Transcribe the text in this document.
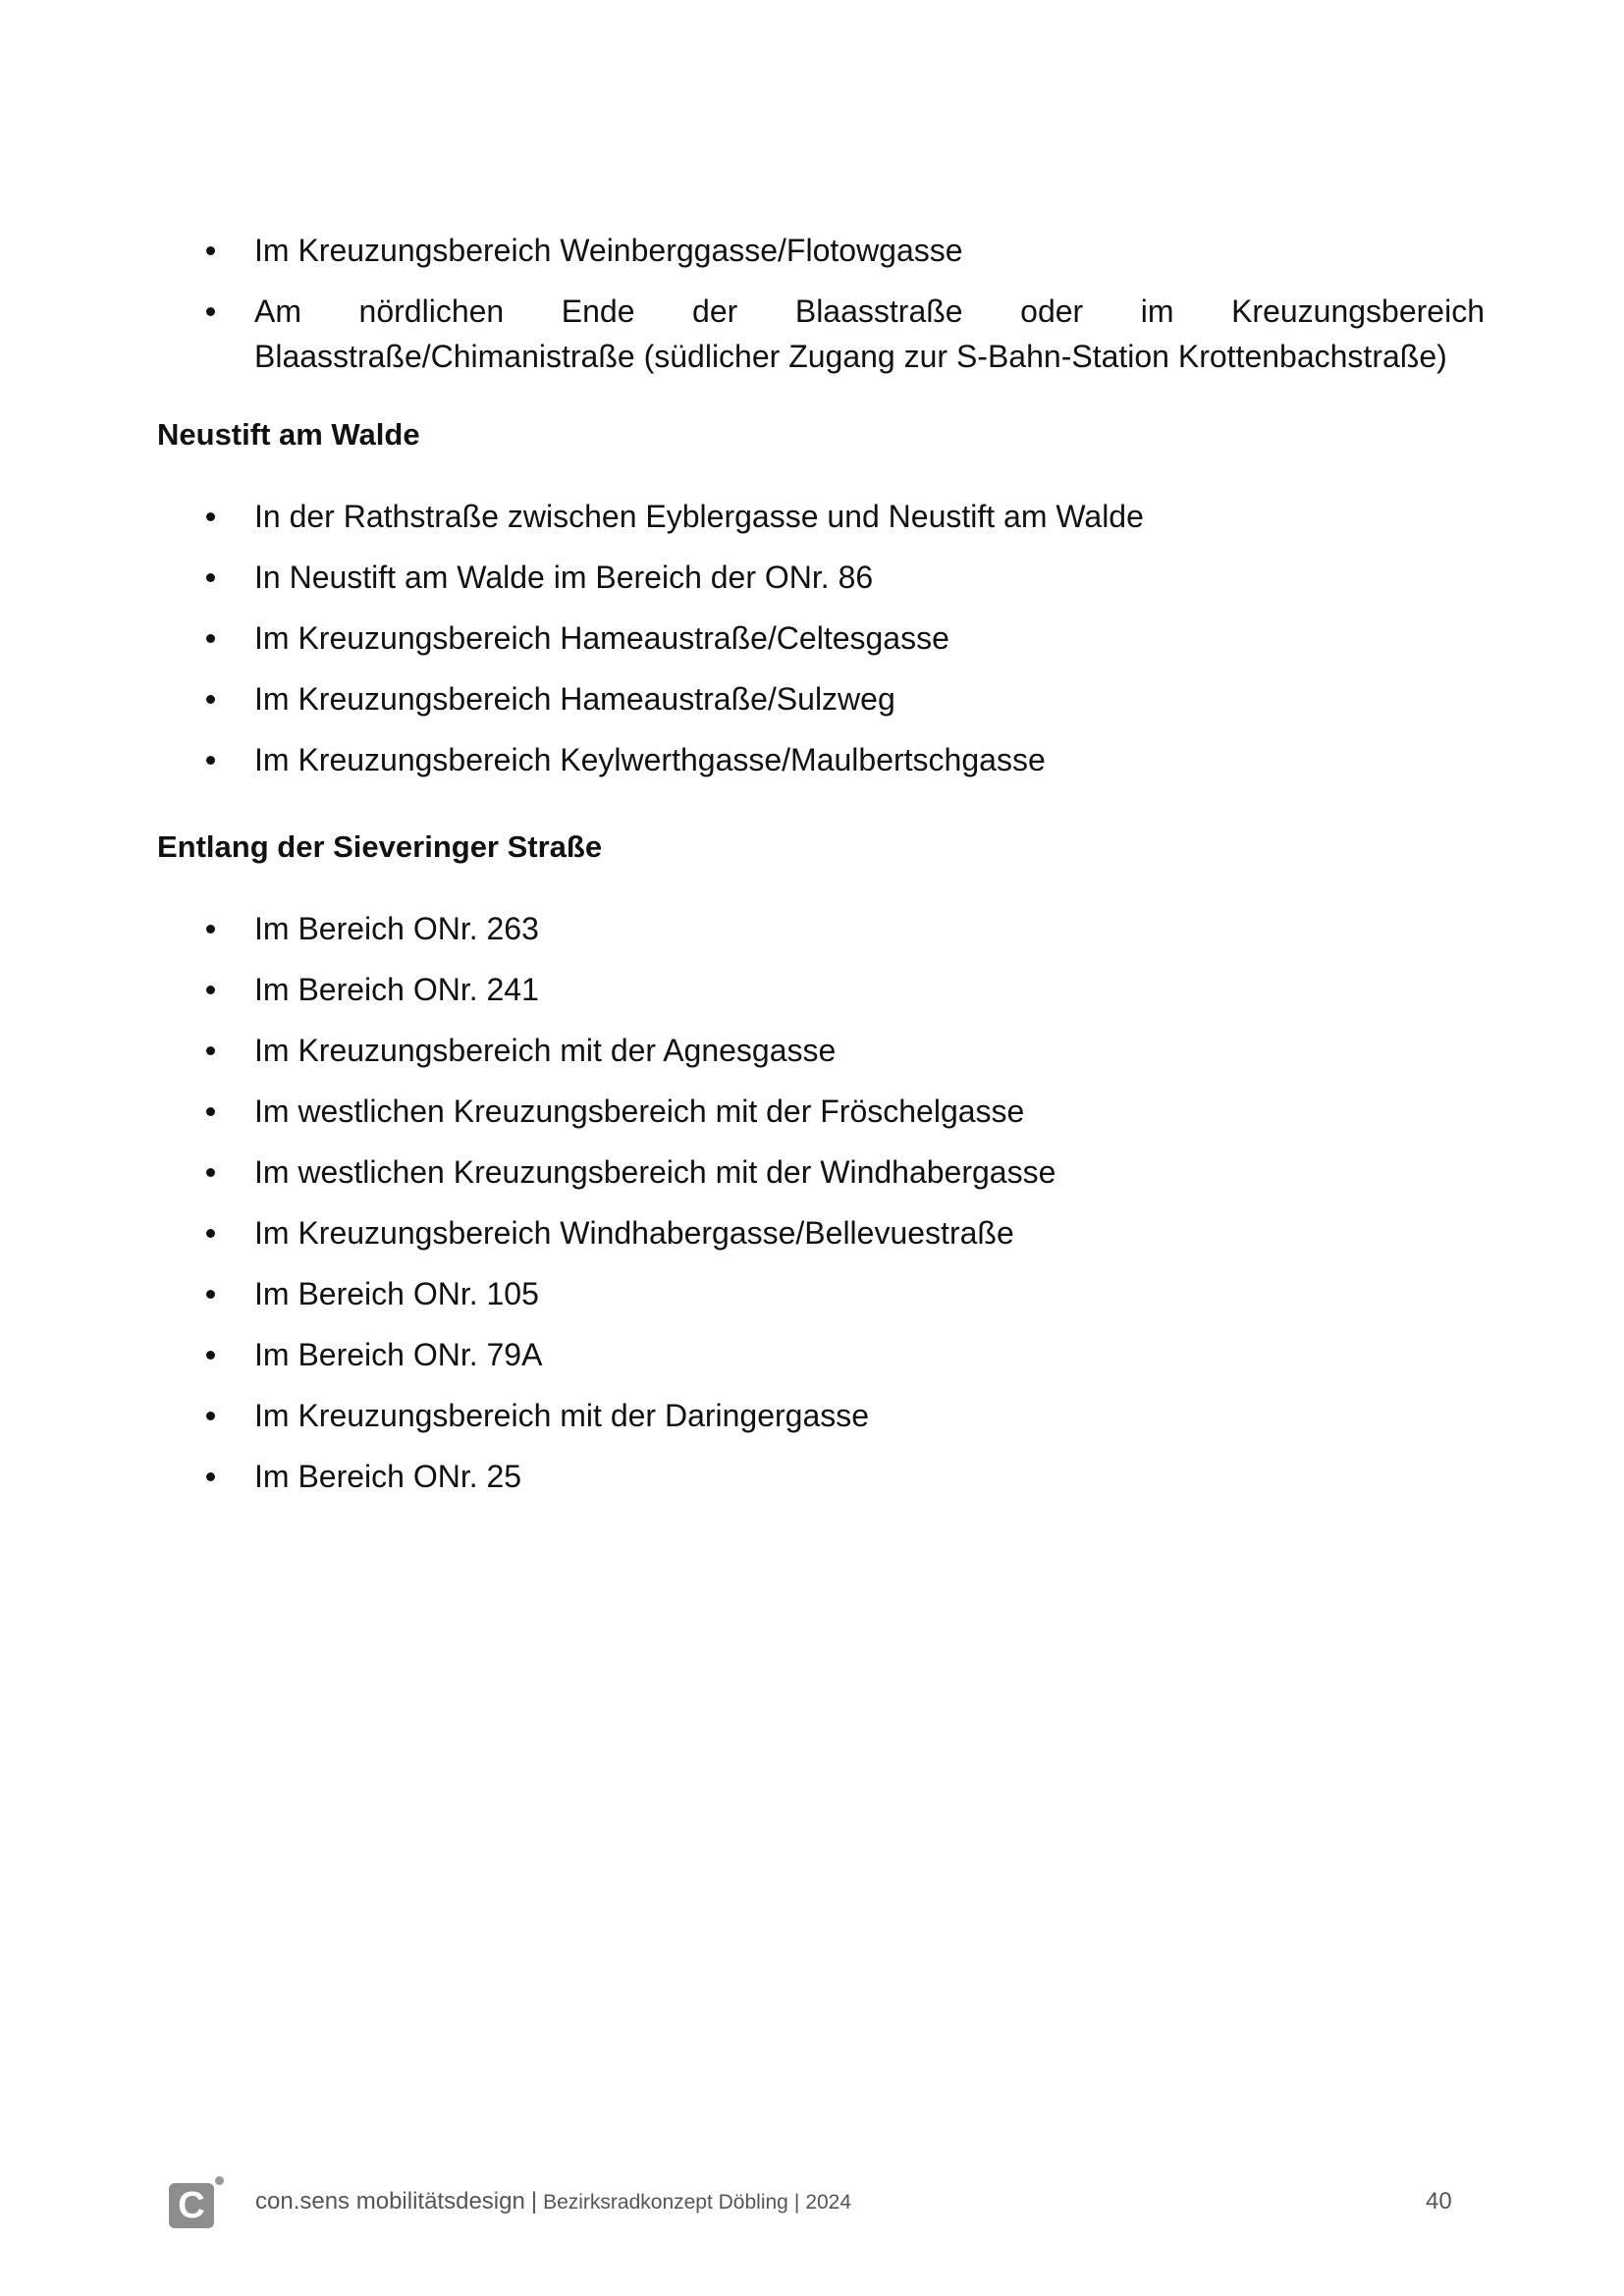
Im Kreuzungsbereich Weinberggasse/Flotowgasse
Am nördlichen Ende der Blaasstraße oder im Kreuzungsbereich Blaasstraße/Chimanistraße (südlicher Zugang zur S-Bahn-Station Krottenbachstraße)
Neustift am Walde
In der Rathstraße zwischen Eyblergasse und Neustift am Walde
In Neustift am Walde im Bereich der ONr. 86
Im Kreuzungsbereich Hameaustraße/Celtesgasse
Im Kreuzungsbereich Hameaustraße/Sulzweg
Im Kreuzungsbereich Keylwerthgasse/Maulbertschgasse
Entlang der Sieveringer Straße
Im Bereich ONr. 263
Im Bereich ONr. 241
Im Kreuzungsbereich mit der Agnesgasse
Im westlichen Kreuzungsbereich mit der Fröschelgasse
Im westlichen Kreuzungsbereich mit der Windhabergasse
Im Kreuzungsbereich Windhabergasse/Bellevuestraße
Im Bereich ONr. 105
Im Bereich ONr. 79A
Im Kreuzungsbereich mit der Daringergasse
Im Bereich ONr. 25
C	con.sens mobilitätsdesign | Bezirksradkonzept Döbling | 2024	40
